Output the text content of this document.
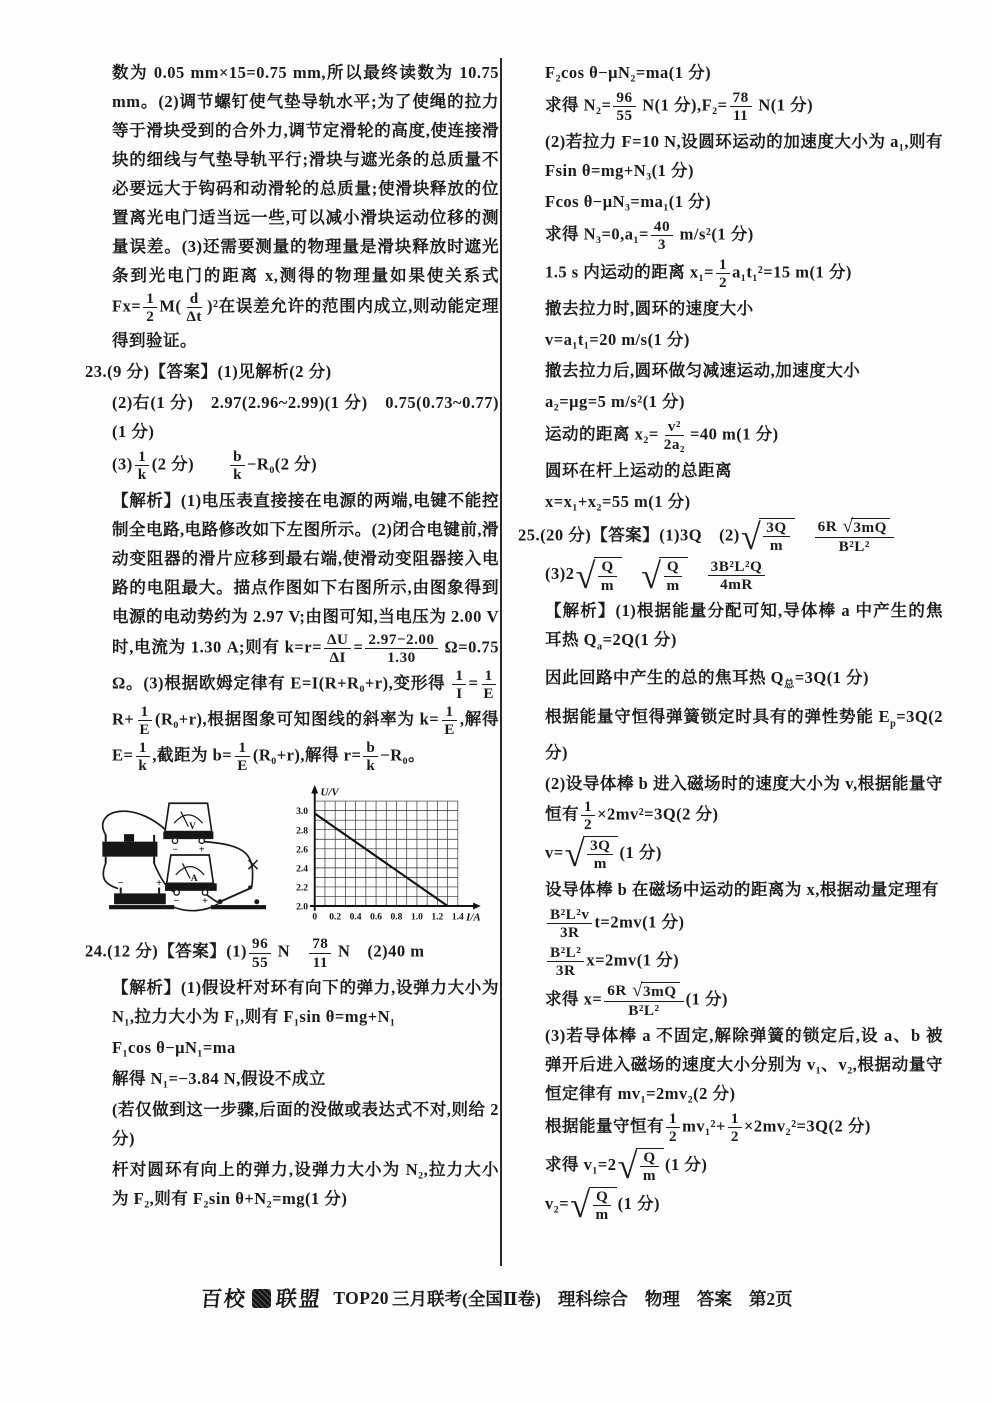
数为 0.05 mm×15=0.75 mm,所以最终读数为 10.75 mm。(2)调节螺钉使气垫导轨水平;为了使绳的拉力等于滑块受到的合外力,调节定滑轮的高度,使连接滑块的细线与气垫导轨平行;滑块与遮光条的总质量不必要远大于钩码和动滑轮的总质量;使滑块释放的位置离光电门适当远一些,可以减小滑块运动位移的测量误差。(3)还需要测量的物理量是滑块释放时遮光条到光电门的距离 x,测得的物理量如果使关系式 $Fx= \frac{1}{2} M( \frac{d}{\Delta t} )^2$在误差允许的范围内成立,则动能定理得到验证。
23.(9 分)【答案】(1)见解析(2 分)
(2)右(1 分)　2.97(2.96~2.99)(1 分)　0.75(0.73~0.77)(1 分)
$(3) \frac{1}{k} (2$ 分)　　 $\frac{b}{k} -R_0(2$ 分)
【解析】(1)电压表直接接在电源的两端,电键不能控制全电路,电路修改如下左图所示。(2)闭合电键前,滑动变阻器的滑片应移到最右端,使滑动变阻器接入电路的电阻最大。描点作图如下右图所示,由图象得到电源的电动势约为 2.97 V;由图可知,当电压为 2.00 V 时,电流为 1.30 A;则有 $k=r= \frac{\Delta U}{\Delta I} = \frac{2.97-2.00}{1.30} \Omega=0.75$ Ω。(3)根据欧姆定律有 E=I(R+R₀+r),变形得 $\frac{1}{I} = \frac{1}{E}$
$R+ \frac{1}{E} (R_0+r)$,根据图象可知图线的斜率为 $k= \frac{1}{E}$ ,解得 $E= \frac{1}{k}$ ,截距为 $b= \frac{1}{E} (R_0+r)$,解得 $r= \frac{b}{k} -R_0$。
V
− +
A
− +
−	+
2.0
2.2
2.4
2.6
2.8
3.0
0 0.2 0.4 0.6 0.8 1.0 1.2 1.4
U/V
I/A
24.(12 分)【答案】$(1) \frac{96}{55}$ N　 $\frac{78}{11}$ N　(2)40 m
【解析】(1)假设杆对环有向下的弹力,设弹力大小为 N₁,拉力大小为 F₁,则有 F₁sin θ=mg+N₁
F₁cos θ−μN₁=ma
解得 N₁=−3.84 N,假设不成立
(若仅做到这一步骤,后面的没做或表达式不对,则给 2 分)
杆对圆环有向上的弹力,设弹力大小为 N₂,拉力大小为 F₂,则有 F₂sin θ+N₂=mg(1 分)
F₂cos θ−μN₂=ma(1 分)
求得 $N_2= \frac{96}{55} N(1$ 分)$,F_2= \frac{78}{11} N(1$ 分)
(2)若拉力 F=10 N,设圆环运动的加速度大小为 a₁,则有 Fsin θ=mg+N₃(1 分)
Fcos θ−μN₃=ma₁(1 分)
求得 $N_3=0,a_1= \frac{40}{3} m/s^2(1$ 分)
1.5 s 内运动的距离 $x_1= \frac{1}{2} a_1t_1^2=15$ m(1 分)
撤去拉力时,圆环的速度大小
v=a₁t₁=20 m/s(1 分)
撤去拉力后,圆环做匀减速运动,加速度大小
a₂=μg=5 m/s²(1 分)
运动的距离 $x_2= \frac{\text{v²}}{\text{2a₂}} =40$ m(1 分)
圆环在杆上运动的总距离
x=x₁+x₂=55 m(1 分)
25.(20 分)【答案】(1)3Q　(2) √ $\frac{3Q}{m}$
　 $\frac{6R √ 3mQ}{\text{B²L²}}$
(3)2 √ $\frac{Q}{m}$
　 √ $\frac{Q}{m}$
　 $\frac{\text{3B²L²Q}}{4mR}$
【解析】(1)根据能量分配可知,导体棒 a 中产生的焦耳热 $Q_a=2Q(1$ 分)
因此回路中产生的总的焦耳热 $Q_总=3Q(1$ 分)
根据能量守恒得弹簧锁定时具有的弹性势能 $E_p=3Q(2$ 分)
(2)设导体棒 b 进入磁场时的速度大小为 v,根据能量守恒有 $\frac{1}{2} \times 2mv^2=3Q(2$ 分)
v= √ $\frac{3Q}{m} (1$ 分)
设导体棒 b 在磁场中运动的距离为 x,根据动量定理有
$\frac{\text{B²L²v}}{3R} t=2mv(1$ 分)
$\frac{\text{B²L²}}{3R} x=2mv(1$ 分)
求得 $x= \frac{6R √ 3mQ}{\text{B²L²}} (1$ 分)
(3)若导体棒 a 不固定,解除弹簧的锁定后,设 a、b 被弹开后进入磁场的速度大小分别为 v₁、v₂,根据动量守恒定律有 mv₁=2mv₂(2 分)
根据能量守恒有 $\frac{1}{2} mv_1^2+ \frac{1}{2} \times 2mv_2^2=3Q(2$ 分)
求得 v₁=2 √ $\frac{Q}{m} (1$ 分)
v₂= √ $\frac{Q}{m} (1$ 分)
百校 联盟 TOP20 三月联考(全国Ⅱ卷) 理科综合 物理 答案 第2页
